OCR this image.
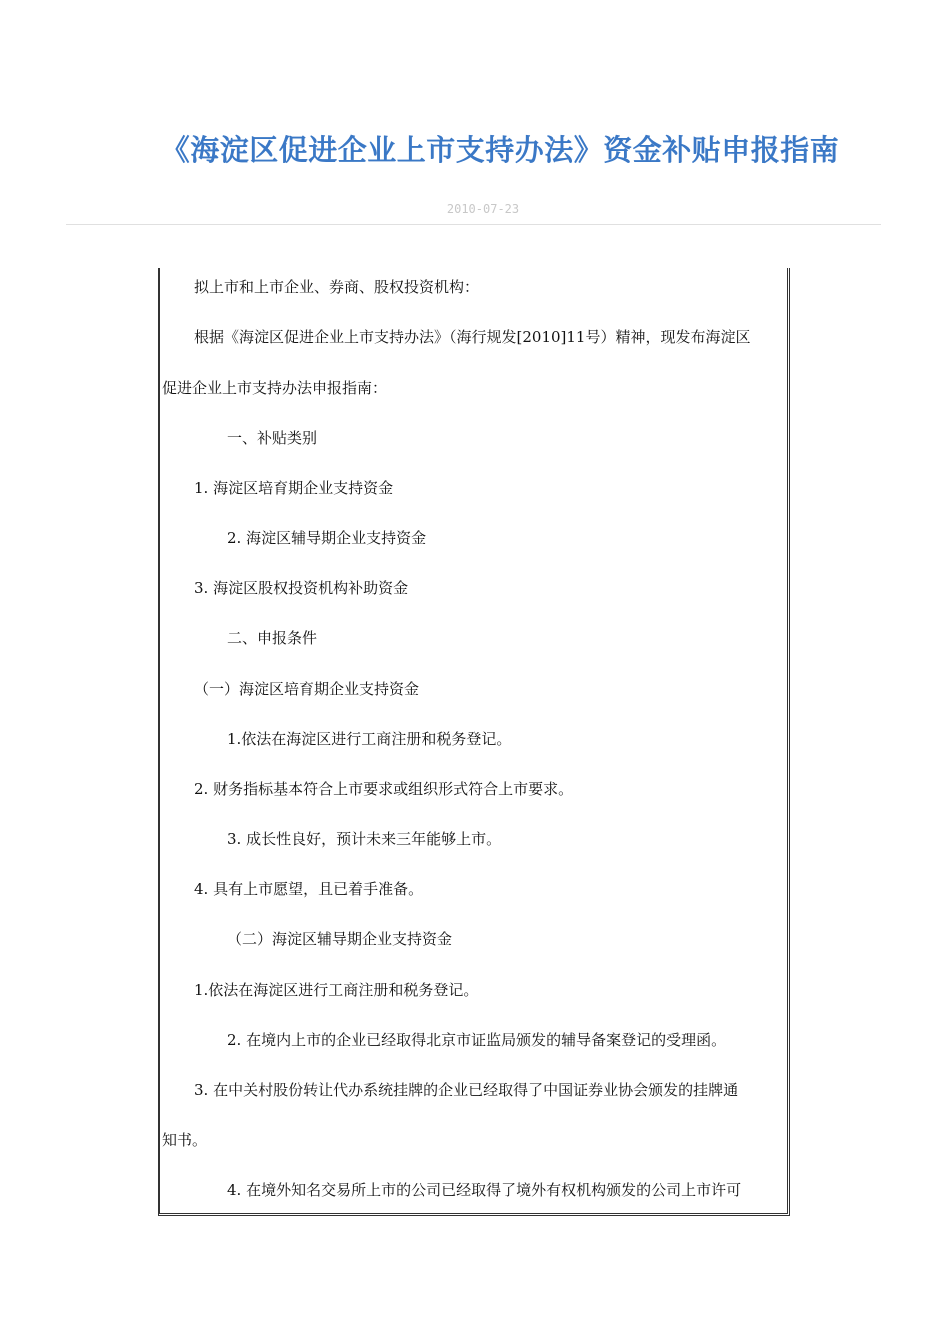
《海淀区促进企业上市支持办法》资金补贴申报指南
2010-07-23
拟上市和上市企业、券商、股权投资机构：
根据《海淀区促进企业上市支持办法》（海行规发[2010]11号）精神，现发布海淀区
促进企业上市支持办法申报指南：
一、补贴类别
1. 海淀区培育期企业支持资金
2. 海淀区辅导期企业支持资金
3. 海淀区股权投资机构补助资金
二、申报条件
（一）海淀区培育期企业支持资金
1.依法在海淀区进行工商注册和税务登记。
2. 财务指标基本符合上市要求或组织形式符合上市要求。
3. 成长性良好，预计未来三年能够上市。
4. 具有上市愿望，且已着手准备。
（二）海淀区辅导期企业支持资金
1.依法在海淀区进行工商注册和税务登记。
2. 在境内上市的企业已经取得北京市证监局颁发的辅导备案登记的受理函。
3. 在中关村股份转让代办系统挂牌的企业已经取得了中国证券业协会颁发的挂牌通
知书。
4. 在境外知名交易所上市的公司已经取得了境外有权机构颁发的公司上市许可
